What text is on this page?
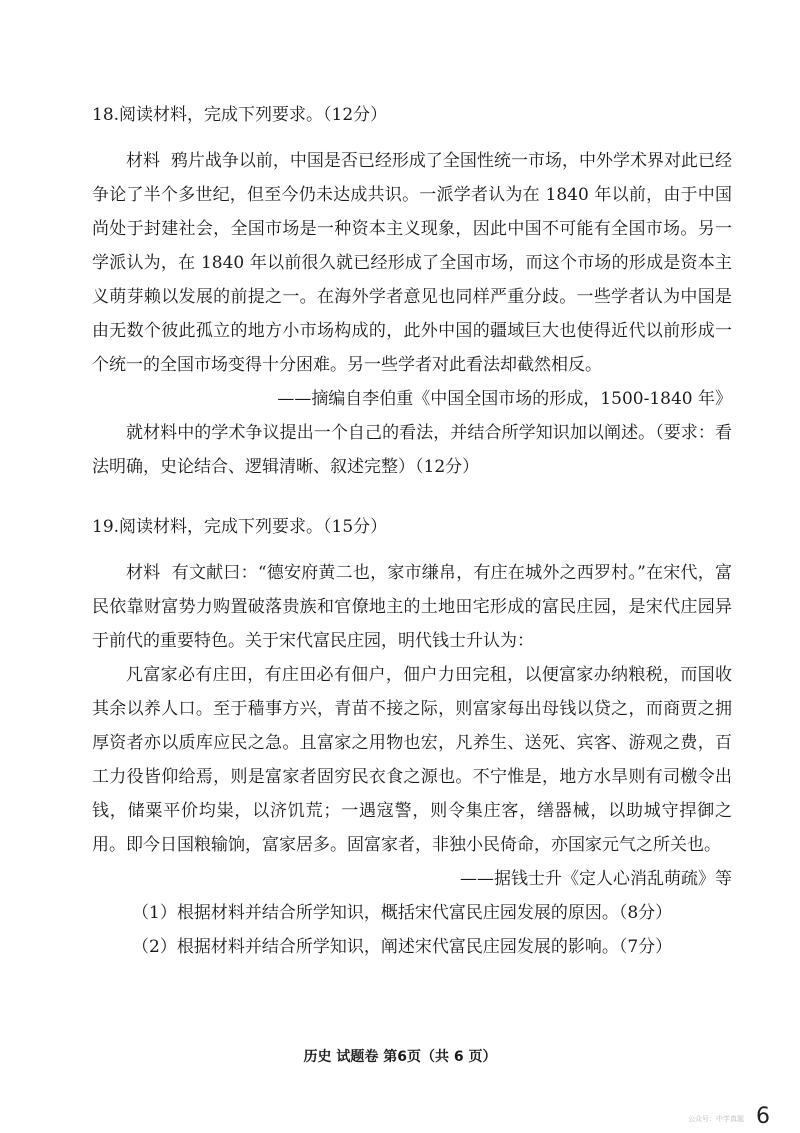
18.阅读材料，完成下列要求。（12分）

材料 鸦片战争以前，中国是否已经形成了全国性统一市场，中外学术界对此已经争论了半个多世纪，但至今仍未达成共识。一派学者认为在 1840 年以前，由于中国尚处于封建社会，全国市场是一种资本主义现象，因此中国不可能有全国市场。另一学派认为，在 1840 年以前很久就已经形成了全国市场，而这个市场的形成是资本主义萌芽赖以发展的前提之一。在海外学者意见也同样严重分歧。一些学者认为中国是由无数个彼此孤立的地方小市场构成的，此外中国的疆域巨大也使得近代以前形成一个统一的全国市场变得十分困难。另一些学者对此看法却截然相反。

——摘编自李伯重《中国全国市场的形成，1500-1840 年》

就材料中的学术争议提出一个自己的看法，并结合所学知识加以阐述。（要求：看法明确，史论结合、逻辑清晰、叙述完整）（12分）

19.阅读材料，完成下列要求。（15分）

材料 有文献曰：“德安府黄二也，家市缣帛，有庄在城外之西罗村。”在宋代，富民依靠财富势力购置破落贵族和官僚地主的土地田宅形成的富民庄园，是宋代庄园异于前代的重要特色。关于宋代富民庄园，明代钱士升认为：

凡富家必有庄田，有庄田必有佃户，佃户力田完租，以便富家办纳粮税，而国收其余以养人口。至于穑事方兴，青苗不接之际，则富家每出母钱以贷之，而商贾之拥厚资者亦以质库应民之急。且富家之用物也宏，凡养生、送死、宾客、游观之费，百工力役皆仰给焉，则是富家者固穷民衣食之源也。不宁惟是，地方水旱则有司檄令出钱，储粟平价均粜，以济饥荒；一遇寇警，则令集庄客，缮器械，以助城守捍御之用。即今日国粮输饷，富家居多。固富家者，非独小民倚命，亦国家元气之所关也。

——据钱士升《定人心消乱萌疏》等

（1）根据材料并结合所学知识，概括宋代富民庄园发展的原因。（8分）

（2）根据材料并结合所学知识，阐述宋代富民庄园发展的影响。（7分）

历史 试题卷 第6页（共 6 页）
公众号：中学真题 6
